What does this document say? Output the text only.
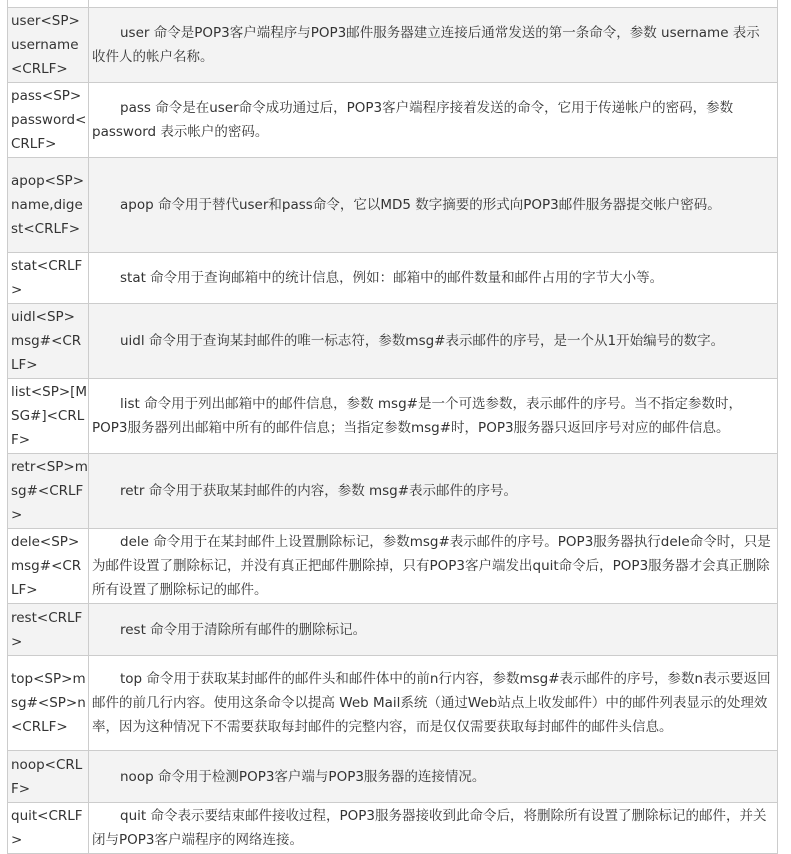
user<SP>username<CRLF>	user 命令是POP3客户端程序与POP3邮件服务器建立连接后通常发送的第一条命令，参数 username 表示收件人的帐户名称。
pass<SP>password<CRLF>	pass 命令是在user命令成功通过后，POP3客户端程序接着发送的命令，它用于传递帐户的密码，参数 password 表示帐户的密码。
apop<SP>name,digest<CRLF>	apop 命令用于替代user和pass命令，它以MD5 数字摘要的形式向POP3邮件服务器提交帐户密码。
stat<CRLF>	stat 命令用于查询邮箱中的统计信息，例如：邮箱中的邮件数量和邮件占用的字节大小等。
uidl<SP>msg#<CRLF>	uidl 命令用于查询某封邮件的唯一标志符，参数msg#表示邮件的序号，是一个从1开始编号的数字。
list<SP>[MSG#]<CRLF>	list 命令用于列出邮箱中的邮件信息，参数 msg#是一个可选参数，表示邮件的序号。当不指定参数时，POP3服务器列出邮箱中所有的邮件信息；当指定参数msg#时，POP3服务器只返回序号对应的邮件信息。
retr<SP>msg#<CRLF>	retr 命令用于获取某封邮件的内容，参数 msg#表示邮件的序号。
dele<SP>msg#<CRLF>	dele 命令用于在某封邮件上设置删除标记，参数msg#表示邮件的序号。POP3服务器执行dele命令时，只是为邮件设置了删除标记，并没有真正把邮件删除掉，只有POP3客户端发出quit命令后，POP3服务器才会真正删除所有设置了删除标记的邮件。
rest<CRLF>	rest 命令用于清除所有邮件的删除标记。
top<SP>msg#<SP>n<CRLF>	top 命令用于获取某封邮件的邮件头和邮件体中的前n行内容，参数msg#表示邮件的序号，参数n表示要返回邮件的前几行内容。使用这条命令以提高 Web Mail系统（通过Web站点上收发邮件）中的邮件列表显示的处理效率，因为这种情况下不需要获取每封邮件的完整内容，而是仅仅需要获取每封邮件的邮件头信息。
noop<CRLF>	noop 命令用于检测POP3客户端与POP3服务器的连接情况。
quit<CRLF>	quit 命令表示要结束邮件接收过程，POP3服务器接收到此命令后，将删除所有设置了删除标记的邮件，并关闭与POP3客户端程序的网络连接。
